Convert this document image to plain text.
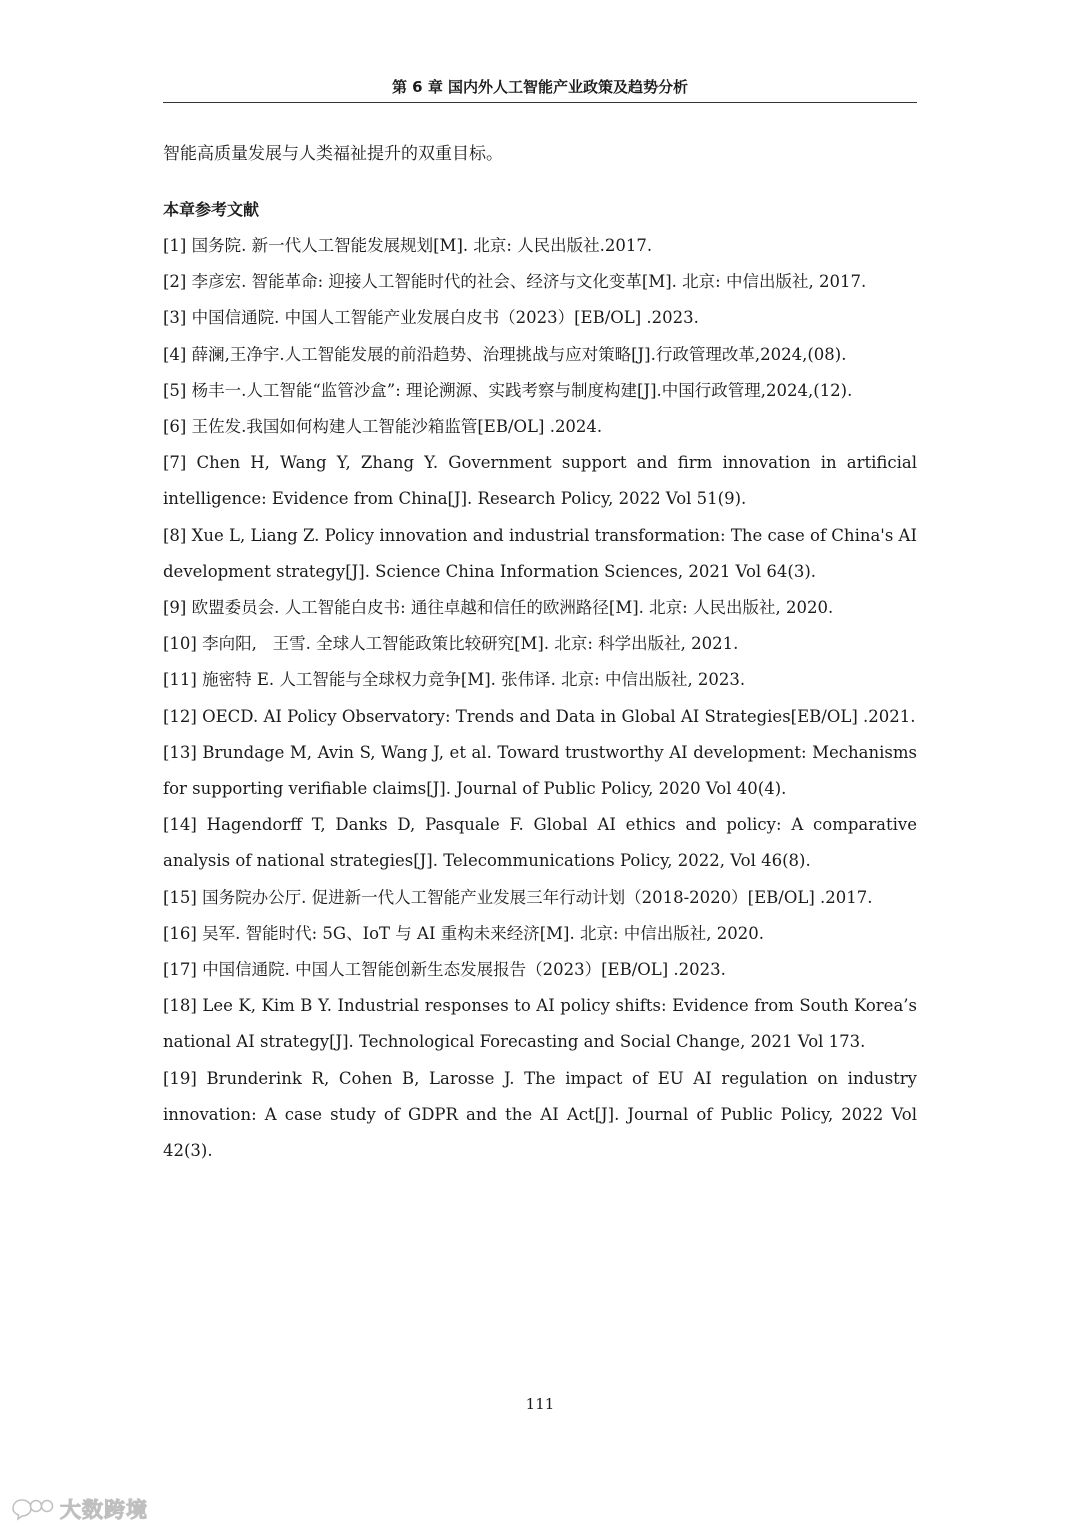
第 6 章 国内外人工智能产业政策及趋势分析
智能高质量发展与人类福祉提升的双重目标。
本章参考文献
[1] 国务院. 新一代人工智能发展规划[M]. 北京: 人民出版社.2017.
[2] 李彦宏. 智能革命: 迎接人工智能时代的社会、经济与文化变革[M]. 北京: 中信出版社, 2017.
[3] 中国信通院. 中国人工智能产业发展白皮书（2023）[EB/OL] .2023.
[4] 薛澜,王净宇.人工智能发展的前沿趋势、治理挑战与应对策略[J].行政管理改革,2024,(08).
[5] 杨丰一.人工智能“监管沙盒”: 理论溯源、实践考察与制度构建[J].中国行政管理,2024,(12).
[6] 王佐发.我国如何构建人工智能沙箱监管[EB/OL] .2024.
[7] Chen H, Wang Y, Zhang Y. Government support and firm innovation in artificial intelligence: Evidence from China[J]. Research Policy, 2022 Vol 51(9).
[8] Xue L, Liang Z. Policy innovation and industrial transformation: The case of China's AI development strategy[J]. Science China Information Sciences, 2021 Vol 64(3).
[9] 欧盟委员会. 人工智能白皮书: 通往卓越和信任的欧洲路径[M]. 北京: 人民出版社, 2020.
[10] 李向阳,   王雪. 全球人工智能政策比较研究[M]. 北京: 科学出版社, 2021.
[11] 施密特 E. 人工智能与全球权力竞争[M]. 张伟译. 北京: 中信出版社, 2023.
[12] OECD. AI Policy Observatory: Trends and Data in Global AI Strategies[EB/OL] .2021.
[13] Brundage M, Avin S, Wang J, et al. Toward trustworthy AI development: Mechanisms for supporting verifiable claims[J]. Journal of Public Policy, 2020 Vol 40(4).
[14] Hagendorff T, Danks D, Pasquale F. Global AI ethics and policy: A comparative analysis of national strategies[J]. Telecommunications Policy, 2022, Vol 46(8).
[15] 国务院办公厅. 促进新一代人工智能产业发展三年行动计划（2018-2020）[EB/OL] .2017.
[16] 吴军. 智能时代: 5G、IoT 与 AI 重构未来经济[M]. 北京: 中信出版社, 2020.
[17] 中国信通院. 中国人工智能创新生态发展报告（2023）[EB/OL] .2023.
[18] Lee K, Kim B Y. Industrial responses to AI policy shifts: Evidence from South Korea’s national AI strategy[J]. Technological Forecasting and Social Change, 2021 Vol 173.
[19] Brunderink R, Cohen B, Larosse J. The impact of EU AI regulation on industry innovation: A case study of GDPR and the AI Act[J]. Journal of Public Policy, 2022 Vol 42(3).
111
大数跨境
